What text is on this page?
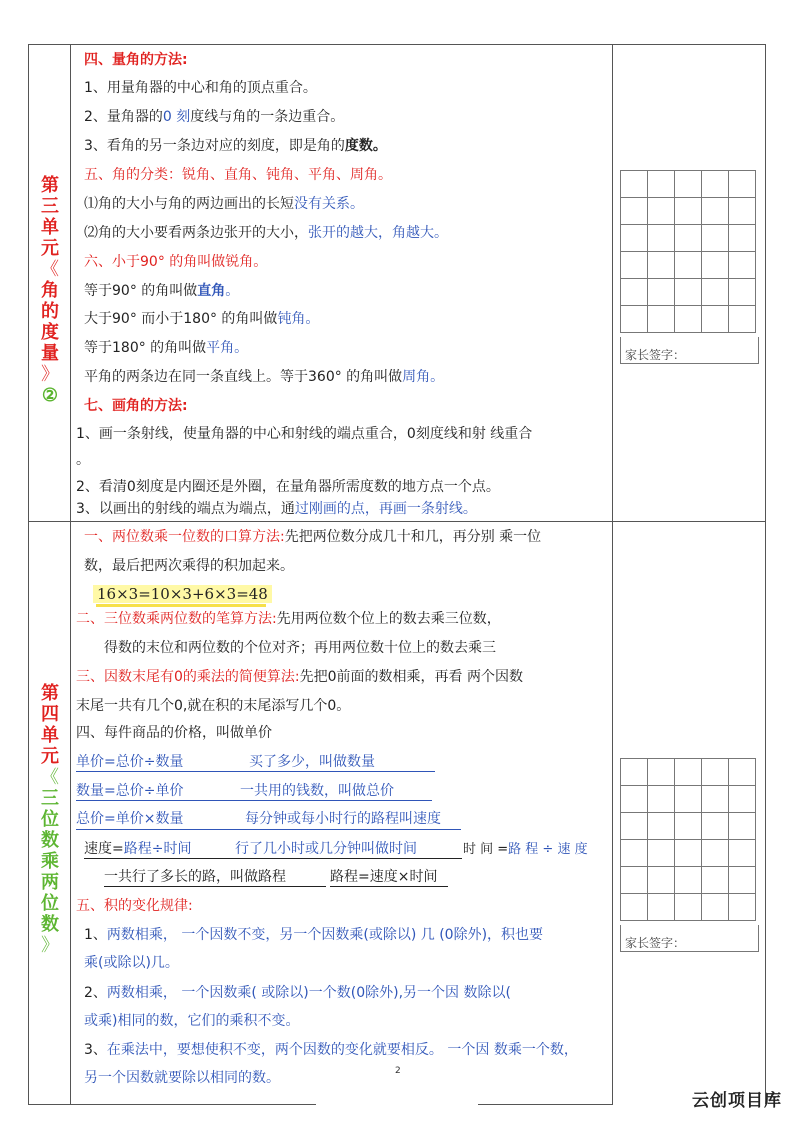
第
三
单
元
《
角
的
度
量
》
②
四、量角的方法:
1、用量角器的中心和角的顶点重合。
2、量角器的0 刻度线与角的一条边重合。
3、看角的另一条边对应的刻度，即是角的度数。
五、角的分类：锐角、直角、钝角、平角、周角。
⑴角的大小与角的两边画出的长短没有关系。
⑵角的大小要看两条边张开的大小，张开的越大，角越大。
六、小于90° 的角叫做锐角。
等于90° 的角叫做直角。
大于90° 而小于180° 的角叫做钝角。
等于180° 的角叫做平角。
平角的两条边在同一条直线上。等于360° 的角叫做周角。
七、画角的方法:
1、画一条射线，使量角器的中心和射线的端点重合，0刻度线和射 线重合
。
2、看清0刻度是内圈还是外圈，在量角器所需度数的地方点一个点。
3、以画出的射线的端点为端点，通过刚画的点，再画一条射线。

家长签字：
第
四
单
元
《
三
位
数
乘
两
位
数
》
一、两位数乘一位数的口算方法:先把两位数分成几十和几，再分别 乘一位
数，最后把两次乘得的积加起来。
16×3=10×3+6×3=48
二、三位数乘两位数的笔算方法:先用两位数个位上的数去乘三位数，
得数的末位和两位数的个位对齐；再用两位数十位上的数去乘三
三、因数末尾有0的乘法的简便算法:先把0前面的数相乘，再看 两个因数
末尾一共有几个0,就在积的末尾添写几个0。
四、每件商品的价格，叫做单价
单价=总价÷数量	买了多少，叫做数量
数量=总价÷单价	一共用的钱数，叫做总价
总价=单价×数量	每分钟或每小时行的路程叫速度
速度=路程÷时间	行了几小时或几分钟叫做时间	时 间 =路 程 ÷ 速 度
一共行了多长的路，叫做路程	路程=速度×时间
五、积的变化规律:
1、两数相乘， 一个因数不变，另一个因数乘(或除以) 几 (0除外)，积也要
乘(或除以)几。
2、两数相乘， 一个因数乘( 或除以)一个数(0除外),另一个因 数除以(
或乘)相同的数，它们的乘积不变。
3、在乘法中，要想使积不变，两个因数的变化就要相反。 一个因 数乘一个数，
另一个因数就要除以相同的数。

家长签字：
2
云创项目库
